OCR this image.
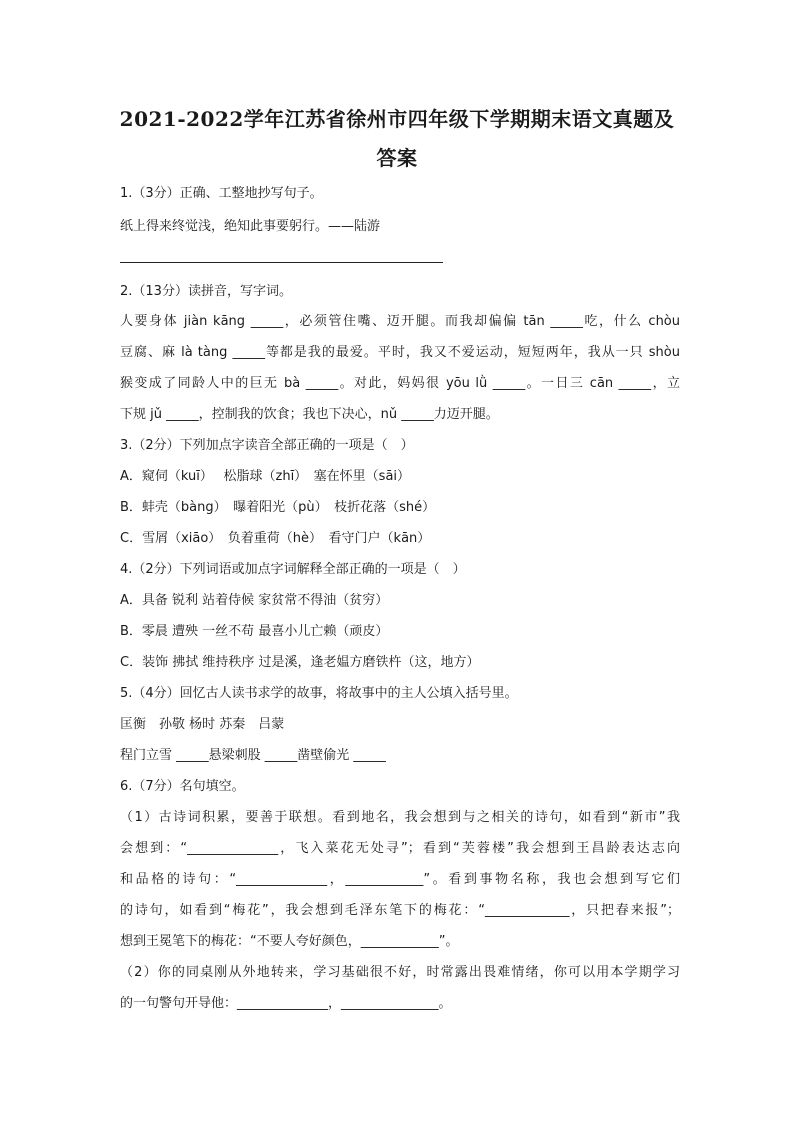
2021-2022学年江苏省徐州市四年级下学期期末语文真题及
答案
1.（3分）正确、工整地抄写句子。
纸上得来终觉浅，绝知此事要躬行。——陆游
2.（13分）读拼音，写字词。
人要身体 jiàn kāng _____，必须管住嘴、迈开腿。而我却偏偏 tān _____吃，什么 chòu
豆腐、麻 là tàng _____等都是我的最爱。平时，我又不爱运动，短短两年，我从一只 shòu
猴变成了同龄人中的巨无 bà _____。对此，妈妈很 yōu lǜ _____。一日三 cān _____，立
下规 jǔ _____，控制我的饮食；我也下决心，nǔ _____力迈开腿。
3.（2分）下列加点字读音全部正确的一项是（　）
A．窥伺（kuī）　 松脂球（zhī）　塞在怀里（sāi）
B．蚌壳（bàng）　曝着阳光（pù）　枝折花落（shé）
C．雪屑（xiāo）　负着重荷（hè）　看守门户（kān）
4.（2分）下列词语或加点字词解释全部正确的一项是（　）
A．具备 锐利 站着侍候 家贫常不得油（贫穷）
B．零晨 遭殃 一丝不苟 最喜小儿亡赖（顽皮）
C．装饰 拂拭 维持秩序 过是溪，逢老媪方磨铁杵（这，地方）
5.（4分）回忆古人读书求学的故事，将故事中的主人公填入括号里。
匡衡　孙敬 杨时 苏秦　吕蒙
程门立雪 _____悬梁刺股 _____凿壁偷光 _____
6.（7分）名句填空。
（1）古诗词积累，要善于联想。看到地名，我会想到与之相关的诗句，如看到“新市”我
会想到：“______________，飞入菜花无处寻”；看到“芙蓉楼”我会想到王昌龄表达志向
和品格的诗句：“______________，____________”。看到事物名称，我也会想到写它们
的诗句，如看到“梅花”，我会想到毛泽东笔下的梅花：“_____________，只把春来报”；
想到王冕笔下的梅花：“不要人夸好颜色，____________”。
（2）你的同桌刚从外地转来，学习基础很不好，时常露出畏难情绪，你可以用本学期学习
的一句警句开导他：______________，_______________。
